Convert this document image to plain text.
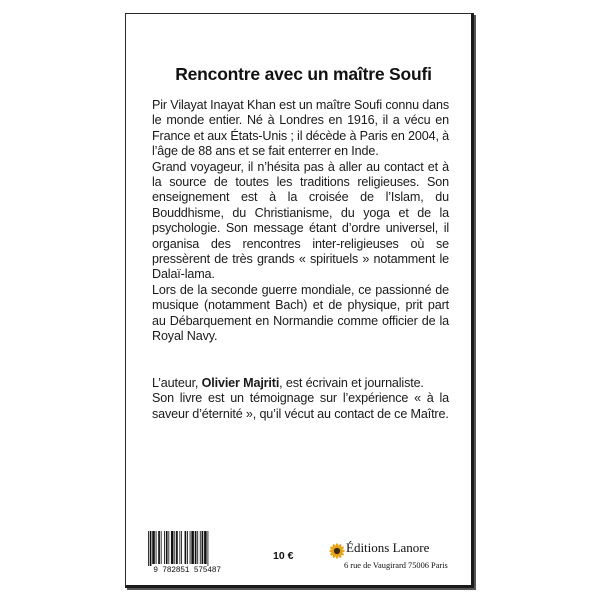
Rencontre avec un maître Soufi

Pir Vilayat Inayat Khan est un maître Soufi connu dans le monde entier. Né à Londres en 1916, il a vécu en France et aux États-Unis ; il décède à Paris en 2004, à l’âge de 88 ans et se fait enterrer en Inde.

Grand voyageur, il n’hésita pas à aller au contact et à la source de toutes les traditions religieuses. Son enseignement est à la croisée de l’Islam, du Bouddhisme, du Christianisme, du yoga et de la psychologie. Son message étant d’ordre universel, il organisa des rencontres inter-religieuses où se pressèrent de très grands « spirituels » notamment le Dalaï-lama.

Lors de la seconde guerre mondiale, ce passionné de musique (notamment Bach) et de physique, prit part au Débarquement en Normandie comme officier de la Royal Navy.

L’auteur, Olivier Majriti, est écrivain et journaliste.

Son livre est un témoignage sur l’expérience « à la saveur d’éternité », qu’il vécut au contact de ce Maître.

9 782851 575487
10 €
Éditions Lanore
6 rue de Vaugirard 75006 Paris
